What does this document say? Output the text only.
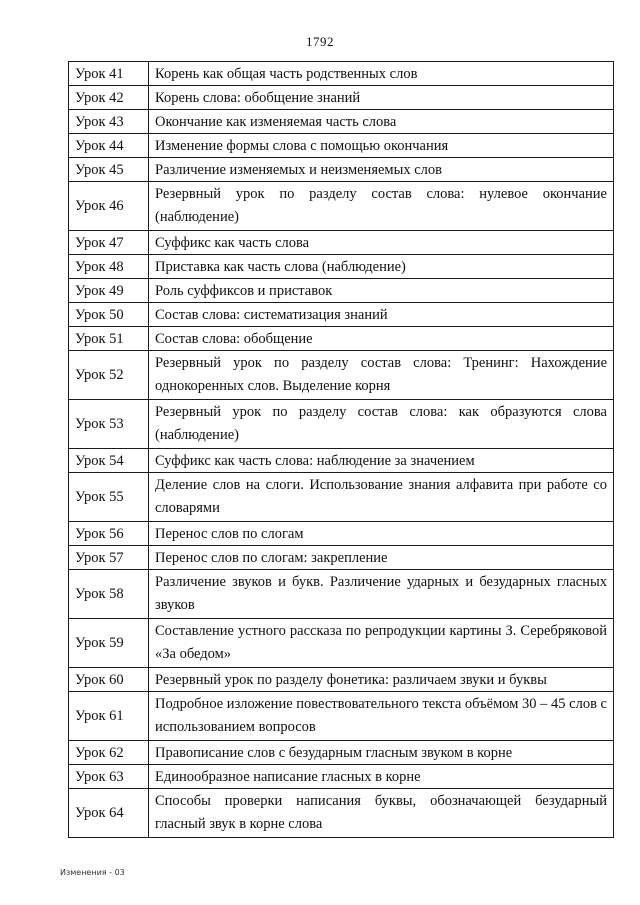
1792
Урок 41	Корень как общая часть родственных слов
Урок 42	Корень слова: обобщение знаний
Урок 43	Окончание как изменяемая часть слова
Урок 44	Изменение формы слова с помощью окончания
Урок 45	Различение изменяемых и неизменяемых слов
Урок 46	Резервный урок по разделу состав слова: нулевое окончание (наблюдение)
Урок 47	Суффикс как часть слова
Урок 48	Приставка как часть слова (наблюдение)
Урок 49	Роль суффиксов и приставок
Урок 50	Состав слова: систематизация знаний
Урок 51	Состав слова: обобщение
Урок 52	Резервный урок по разделу состав слова: Тренинг: Нахождение однокоренных слов. Выделение корня
Урок 53	Резервный урок по разделу состав слова: как образуются слова (наблюдение)
Урок 54	Суффикс как часть слова: наблюдение за значением
Урок 55	Деление слов на слоги. Использование знания алфавита при работе со словарями
Урок 56	Перенос слов по слогам
Урок 57	Перенос слов по слогам: закрепление
Урок 58	Различение звуков и букв. Различение ударных и безударных гласных звуков
Урок 59	Составление устного рассказа по репродукции картины З. Серебряковой «За обедом»
Урок 60	Резервный урок по разделу фонетика: различаем звуки и буквы
Урок 61	Подробное изложение повествовательного текста объёмом 30 – 45 слов с использованием вопросов
Урок 62	Правописание слов с безударным гласным звуком в корне
Урок 63	Единообразное написание гласных в корне
Урок 64	Способы проверки написания буквы, обозначающей безударный гласный звук в корне слова
Изменения - 03
